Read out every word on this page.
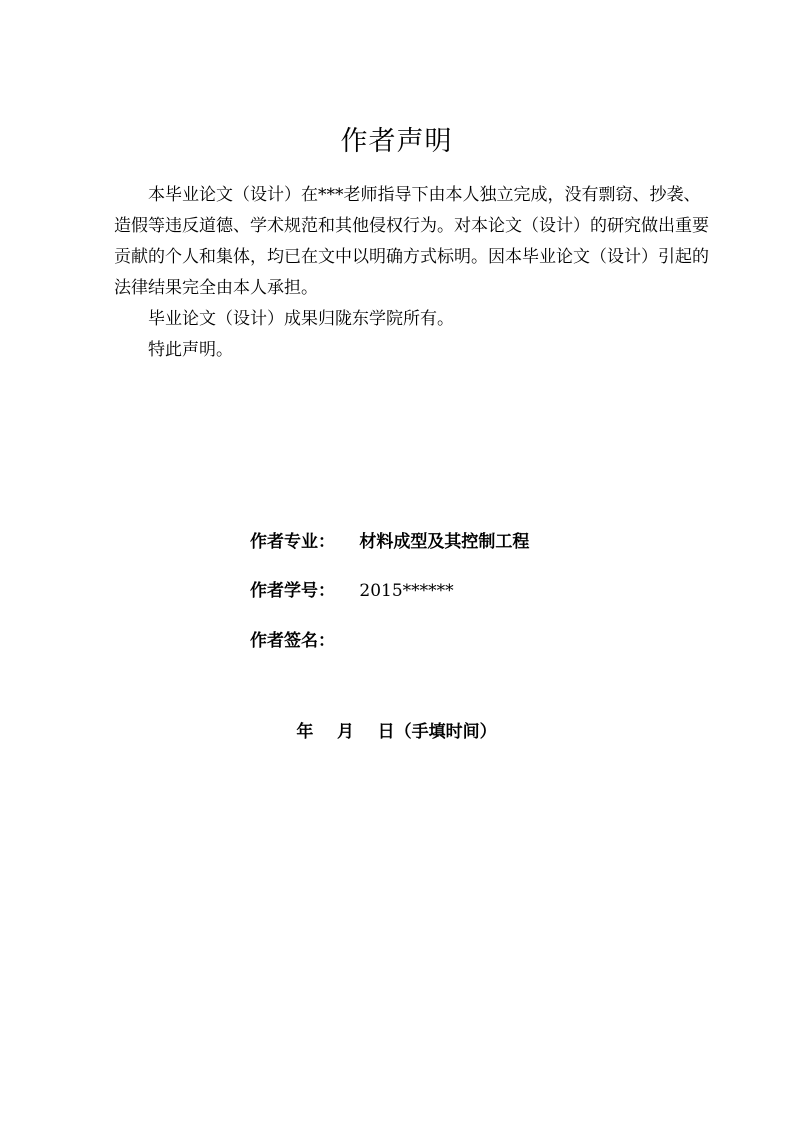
作者声明

本毕业论文（设计）在***老师指导下由本人独立完成，没有剽窃、抄袭、造假等违反道德、学术规范和其他侵权行为。对本论文（设计）的研究做出重要贡献的个人和集体，均已在文中以明确方式标明。因本毕业论文（设计）引起的法律结果完全由本人承担。

毕业论文（设计）成果归陇东学院所有。

特此声明。

作者专业： 材料成型及其控制工程
作者学号： 2015******
作者签名：
年    月    日（手填时间）
